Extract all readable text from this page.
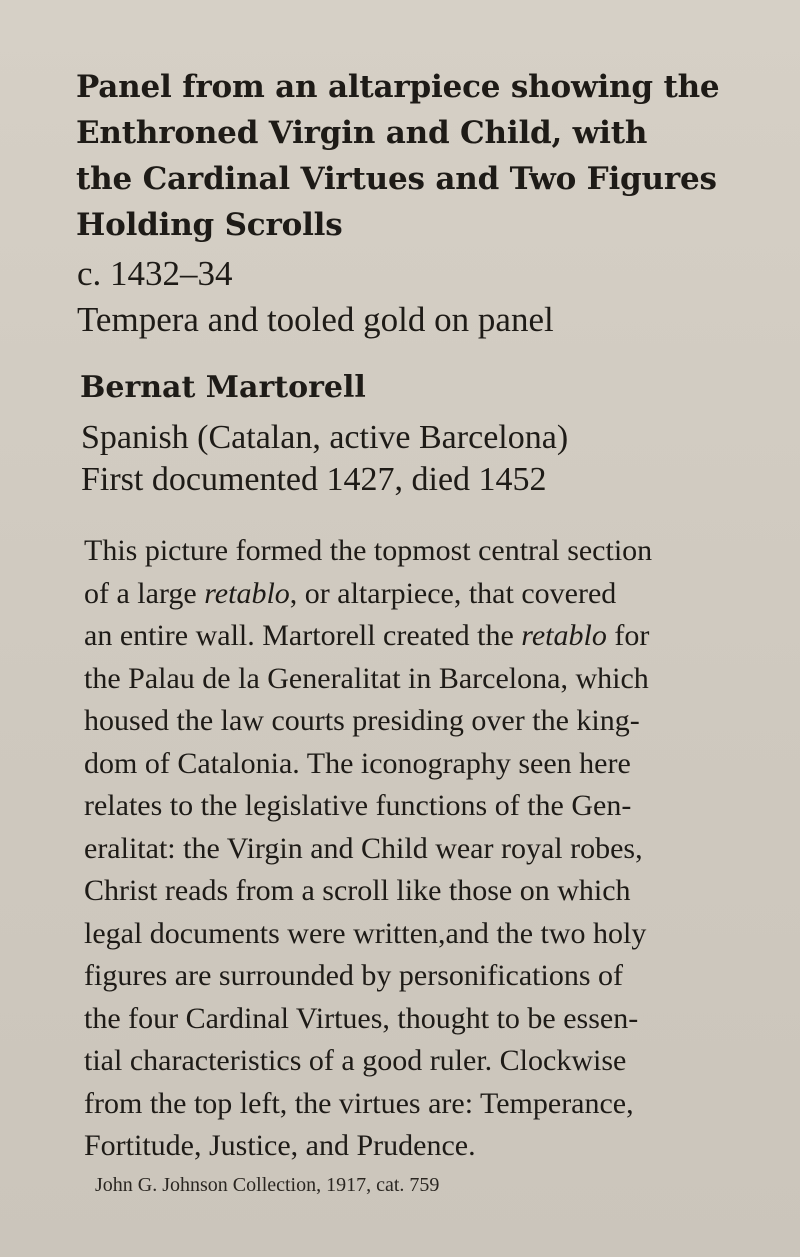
Panel from an altarpiece showing the
Enthroned Virgin and Child, with
the Cardinal Virtues and Two Figures
Holding Scrolls
c. 1432–34
Tempera and tooled gold on panel
Bernat Martorell
Spanish (Catalan, active Barcelona)
First documented 1427, died 1452

This picture formed the topmost central section
of a large retablo, or altarpiece, that covered
an entire wall. Martorell created the retablo for
the Palau de la Generalitat in Barcelona, which
housed the law courts presiding over the king-
dom of Catalonia. The iconography seen here
relates to the legislative functions of the Gen-
eralitat: the Virgin and Child wear royal robes,
Christ reads from a scroll like those on which
legal documents were written,and the two holy
figures are surrounded by personifications of
the four Cardinal Virtues, thought to be essen-
tial characteristics of a good ruler. Clockwise
from the top left, the virtues are: Temperance,
Fortitude, Justice, and Prudence.

John G. Johnson Collection, 1917, cat. 759
